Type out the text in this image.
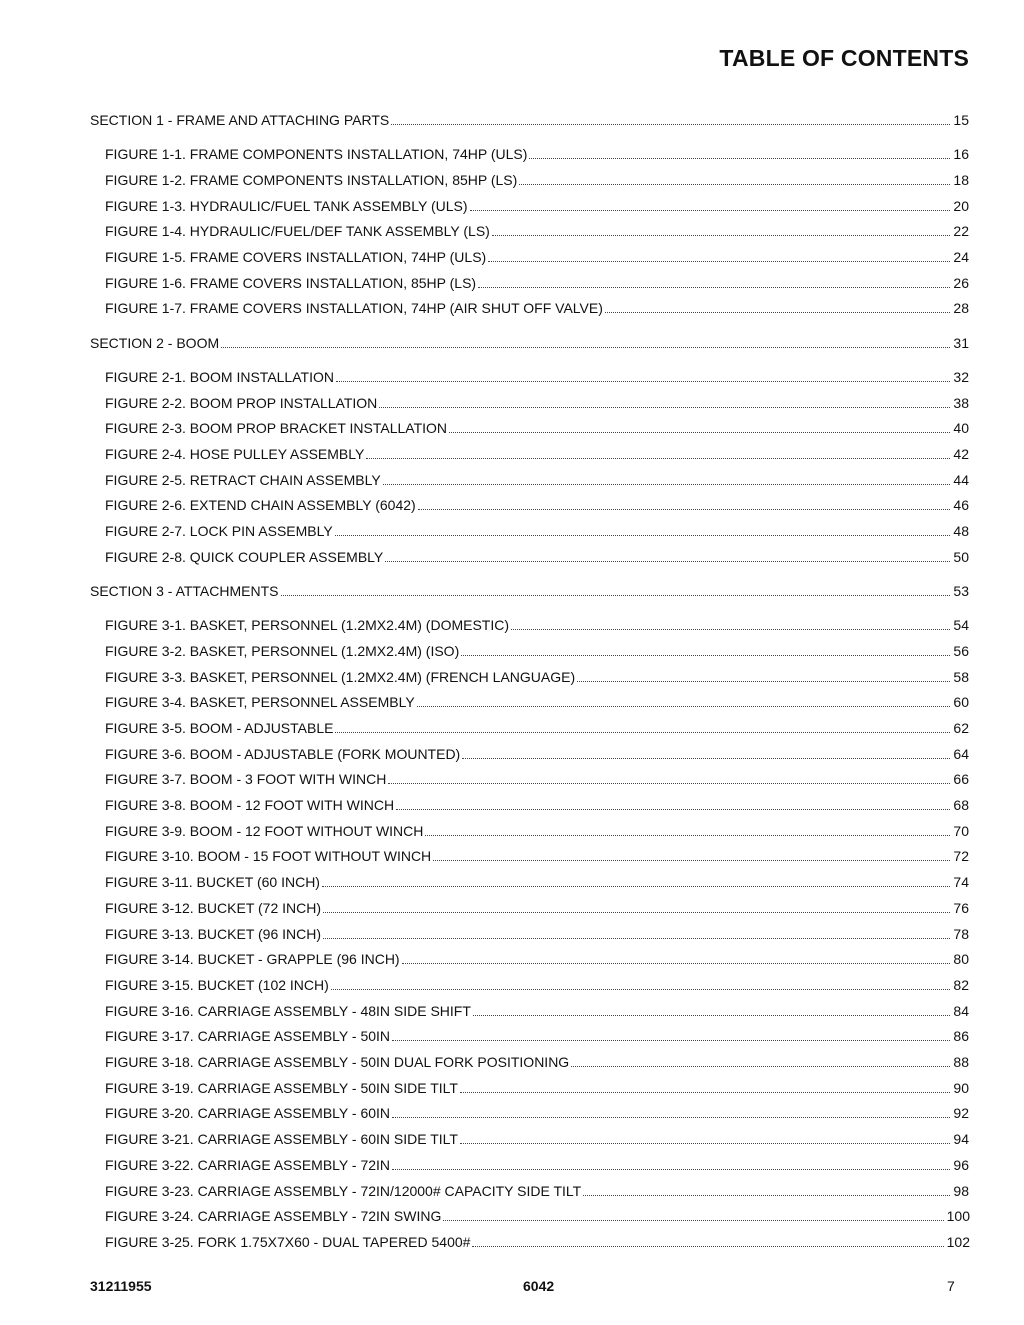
TABLE OF CONTENTS
SECTION 1 - FRAME AND ATTACHING PARTS	15
FIGURE 1-1. FRAME COMPONENTS INSTALLATION, 74HP (ULS)	16
FIGURE 1-2. FRAME COMPONENTS INSTALLATION, 85HP (LS)	18
FIGURE 1-3. HYDRAULIC/FUEL TANK ASSEMBLY (ULS)	20
FIGURE 1-4. HYDRAULIC/FUEL/DEF TANK ASSEMBLY (LS)	22
FIGURE 1-5. FRAME COVERS INSTALLATION, 74HP (ULS)	24
FIGURE 1-6. FRAME COVERS INSTALLATION, 85HP (LS)	26
FIGURE 1-7. FRAME COVERS INSTALLATION, 74HP (AIR SHUT OFF VALVE)	28
SECTION 2 - BOOM	31
FIGURE 2-1. BOOM INSTALLATION	32
FIGURE 2-2. BOOM PROP INSTALLATION	38
FIGURE 2-3. BOOM PROP BRACKET INSTALLATION	40
FIGURE 2-4. HOSE PULLEY ASSEMBLY	42
FIGURE 2-5. RETRACT CHAIN ASSEMBLY	44
FIGURE 2-6. EXTEND CHAIN ASSEMBLY (6042)	46
FIGURE 2-7. LOCK PIN ASSEMBLY	48
FIGURE 2-8. QUICK COUPLER ASSEMBLY	50
SECTION 3 - ATTACHMENTS	53
FIGURE 3-1. BASKET, PERSONNEL (1.2MX2.4M) (DOMESTIC)	54
FIGURE 3-2. BASKET, PERSONNEL (1.2MX2.4M) (ISO)	56
FIGURE 3-3. BASKET, PERSONNEL (1.2MX2.4M) (FRENCH LANGUAGE)	58
FIGURE 3-4. BASKET, PERSONNEL ASSEMBLY	60
FIGURE 3-5. BOOM - ADJUSTABLE	62
FIGURE 3-6. BOOM - ADJUSTABLE (FORK MOUNTED)	64
FIGURE 3-7. BOOM - 3 FOOT WITH WINCH	66
FIGURE 3-8. BOOM - 12 FOOT WITH WINCH	68
FIGURE 3-9. BOOM - 12 FOOT WITHOUT WINCH	70
FIGURE 3-10. BOOM - 15 FOOT WITHOUT WINCH	72
FIGURE 3-11. BUCKET (60 INCH)	74
FIGURE 3-12. BUCKET (72 INCH)	76
FIGURE 3-13. BUCKET (96 INCH)	78
FIGURE 3-14. BUCKET - GRAPPLE (96 INCH)	80
FIGURE 3-15. BUCKET (102 INCH)	82
FIGURE 3-16. CARRIAGE ASSEMBLY - 48IN SIDE SHIFT	84
FIGURE 3-17. CARRIAGE ASSEMBLY - 50IN	86
FIGURE 3-18. CARRIAGE ASSEMBLY - 50IN DUAL FORK POSITIONING	88
FIGURE 3-19. CARRIAGE ASSEMBLY - 50IN SIDE TILT	90
FIGURE 3-20. CARRIAGE ASSEMBLY - 60IN	92
FIGURE 3-21. CARRIAGE ASSEMBLY - 60IN SIDE TILT	94
FIGURE 3-22. CARRIAGE ASSEMBLY - 72IN	96
FIGURE 3-23. CARRIAGE ASSEMBLY - 72IN/12000# CAPACITY SIDE TILT	98
FIGURE 3-24. CARRIAGE ASSEMBLY - 72IN SWING	100
FIGURE 3-25. FORK 1.75X7X60 - DUAL TAPERED 5400#	102
31211955	6042	7
